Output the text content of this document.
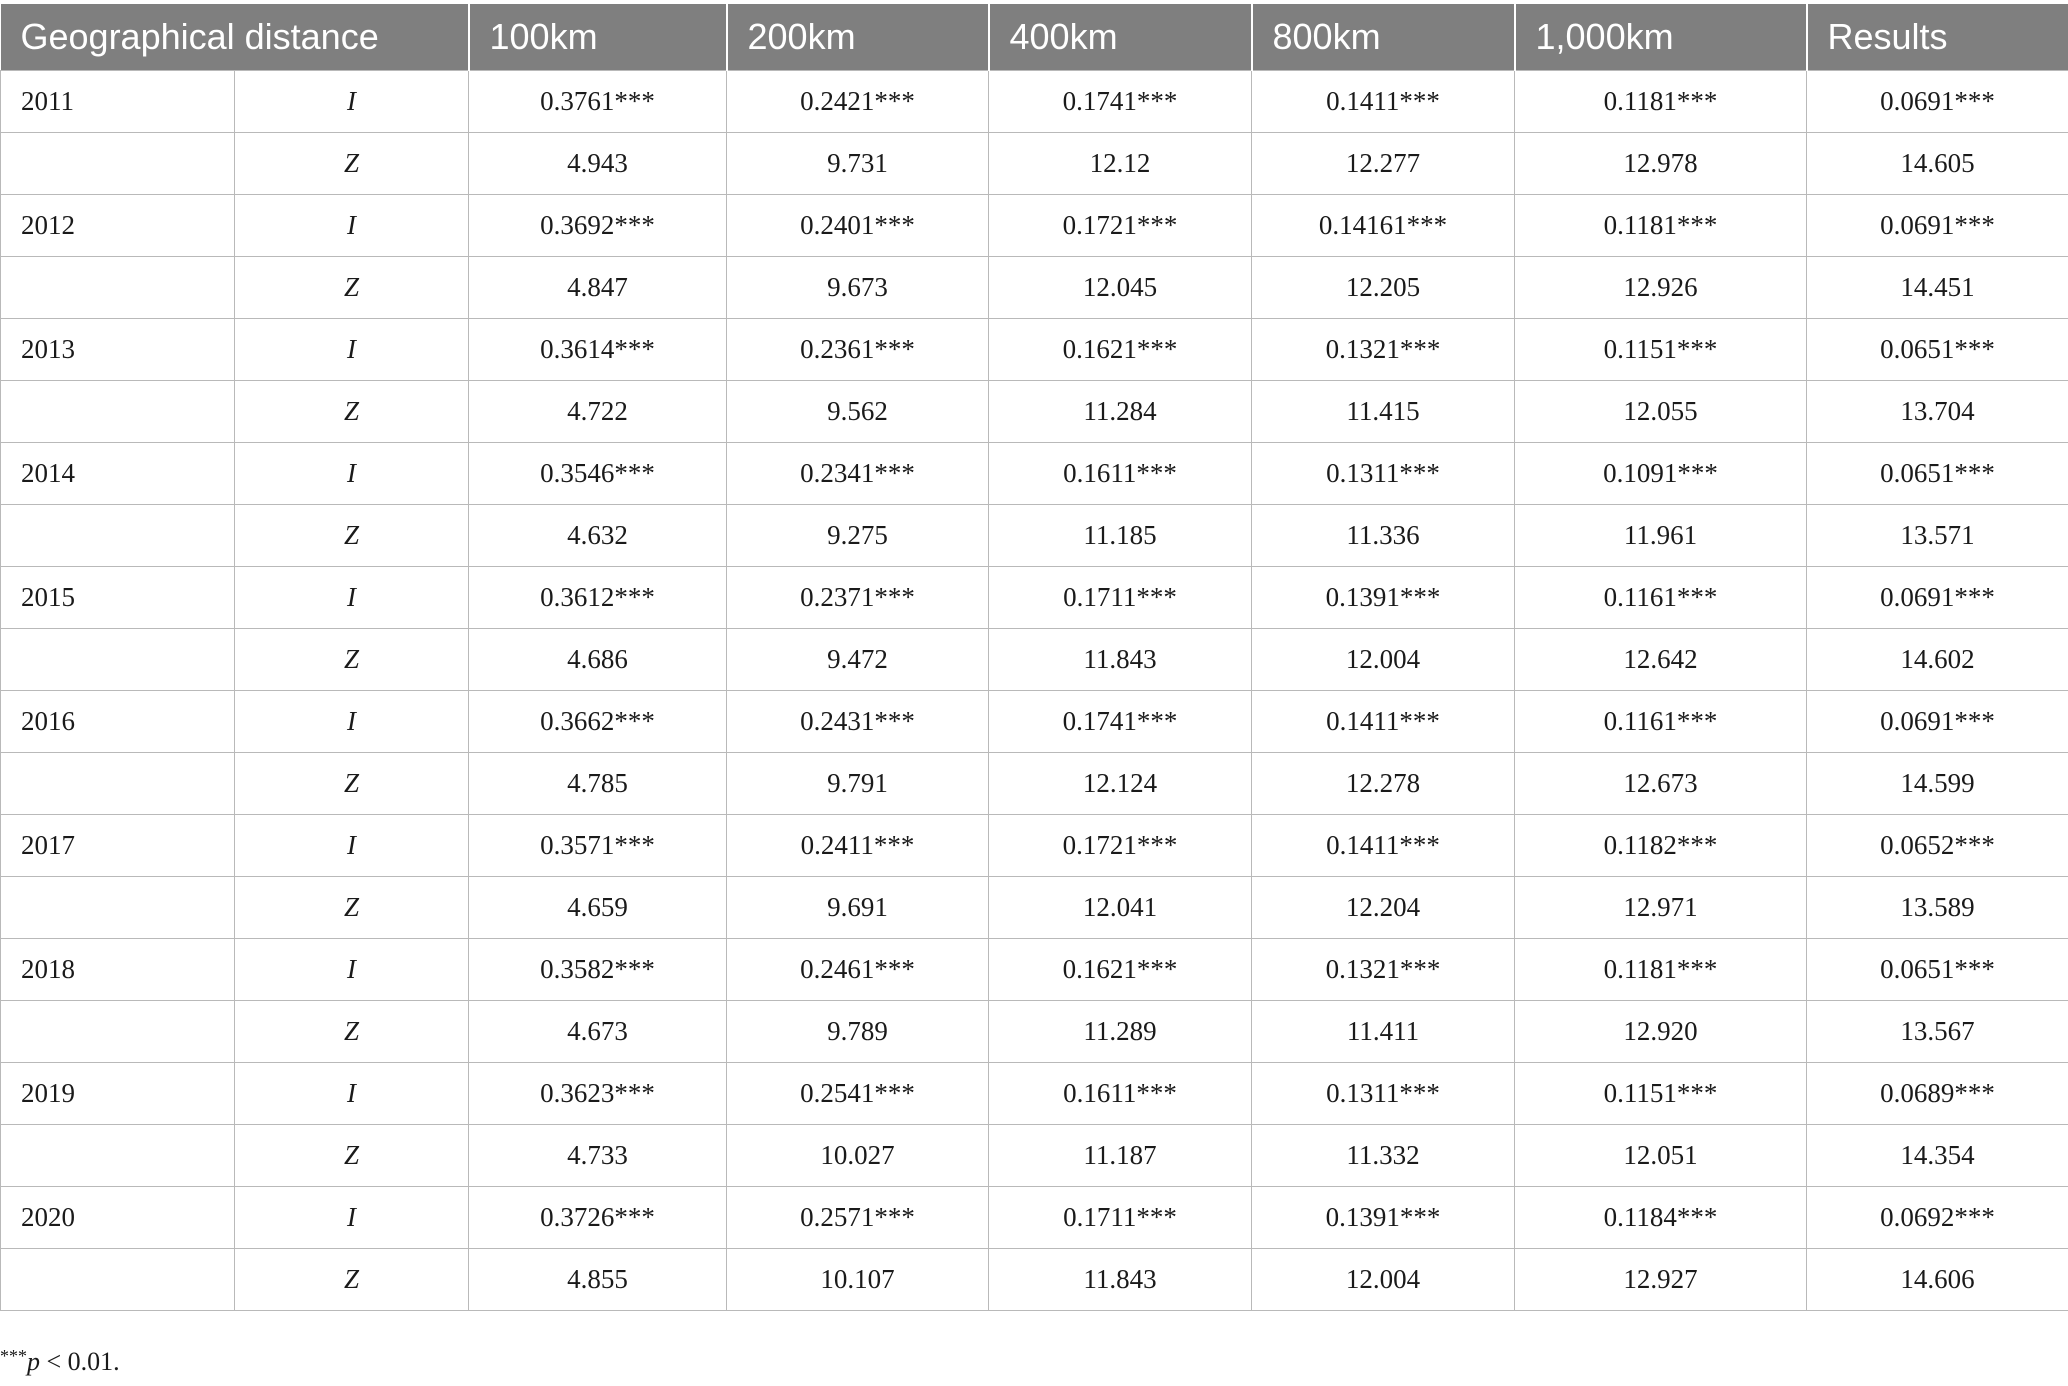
Geographical distance		100km	200km	400km	800km	1,000km	Results
2011	I	0.3761***	0.2421***	0.1741***	0.1411***	0.1181***	0.0691***
	Z	4.943	9.731	12.12	12.277	12.978	14.605
2012	I	0.3692***	0.2401***	0.1721***	0.14161***	0.1181***	0.0691***
	Z	4.847	9.673	12.045	12.205	12.926	14.451
2013	I	0.3614***	0.2361***	0.1621***	0.1321***	0.1151***	0.0651***
	Z	4.722	9.562	11.284	11.415	12.055	13.704
2014	I	0.3546***	0.2341***	0.1611***	0.1311***	0.1091***	0.0651***
	Z	4.632	9.275	11.185	11.336	11.961	13.571
2015	I	0.3612***	0.2371***	0.1711***	0.1391***	0.1161***	0.0691***
	Z	4.686	9.472	11.843	12.004	12.642	14.602
2016	I	0.3662***	0.2431***	0.1741***	0.1411***	0.1161***	0.0691***
	Z	4.785	9.791	12.124	12.278	12.673	14.599
2017	I	0.3571***	0.2411***	0.1721***	0.1411***	0.1182***	0.0652***
	Z	4.659	9.691	12.041	12.204	12.971	13.589
2018	I	0.3582***	0.2461***	0.1621***	0.1321***	0.1181***	0.0651***
	Z	4.673	9.789	11.289	11.411	12.920	13.567
2019	I	0.3623***	0.2541***	0.1611***	0.1311***	0.1151***	0.0689***
	Z	4.733	10.027	11.187	11.332	12.051	14.354
2020	I	0.3726***	0.2571***	0.1711***	0.1391***	0.1184***	0.0692***
	Z	4.855	10.107	11.843	12.004	12.927	14.606
***p < 0.01.
